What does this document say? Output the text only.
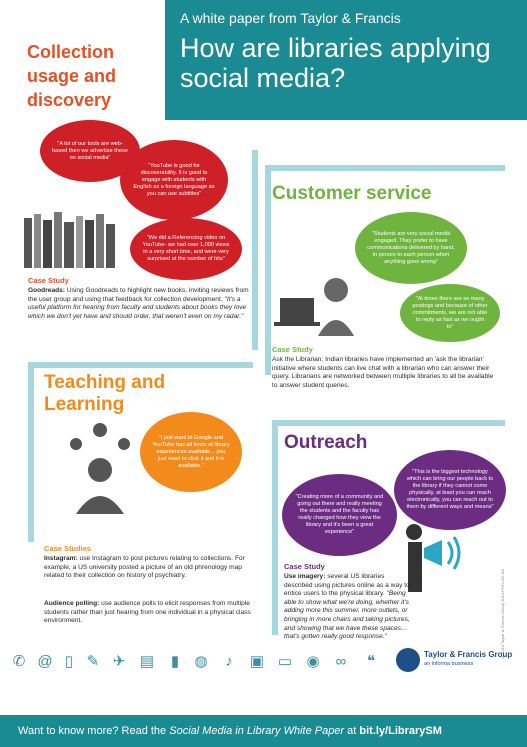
A white paper from Taylor & Francis
How are libraries applying social media?
Collection usage and discovery
"A lot of our tools are web-based then we advertise these on social media"
"YouTube is good for discoverability. It is good to engage with students with English as a foreign language as you can use subtitles"
"We did a Referencing video on YouTube- we had over 1,000 views in a very short time, and were very surprised at the number of hits"
Case Study
Goodreads: Using Goodreads to highlight new books, inviting reviews from the user group and using that feedback for collection development. "It's a useful platform for hearing from faculty and students about books they love which we don't yet have and should order, that weren't even on my radar."
Customer service
"Students are very social media engaged. They prefer to have communications delivered by hand, in person to each person when anything goes wrong"
"At times there are so many postings and because of other commitments, we are not able to reply as fast as we ought to"
Case Study
Ask the Librarian: Indian libraries have implemented an 'ask the librarian' initiative where students can live chat with a librarian who can answer their query. Librarians are networked between multiple libraries to all be available to answer student queries.
Teaching and Learning
"I just want to Google and YouTube has all kinds of library experiences available... you just need to click it and it is available."
Case Studies
Instagram: use Instagram to post pictures relating to collections. For example, a US university posted a picture of an old phrenology map related to their collection on history of psychiatry.
Audience polling: use audience polls to elicit responses from multiple students rather than just hearing from one individual in a physical class environment.
Outreach
"This is the biggest technology which can bring our people back to the library if they cannot come physically, at least you can reach electronically, you can reach out to them by different ways and means"
"Creating more of a community and going out there and really meeting the students and the faculty has really changed how they view the library and it's been a great experience"
Case Study
Use imagery: several US libraries described using pictures online as a way to entice users to the physical library. "Being able to show what we're doing, whether it's adding more this summer, more outlets, or bringing in more chairs and taking pictures, and showing that we have these spaces… that's gotten really good response."	© 2014 Taylor & Francis Group 2014-PRO-MC-AD
✆ @ ▯ ✎ ✈ ▤	▮	◍	♪	▣ ▭ ◉	∞	❝	Taylor & Francis Group
an informa business
Want to know more? Read the Social Media in Library White Paper at bit.ly/LibrarySM
